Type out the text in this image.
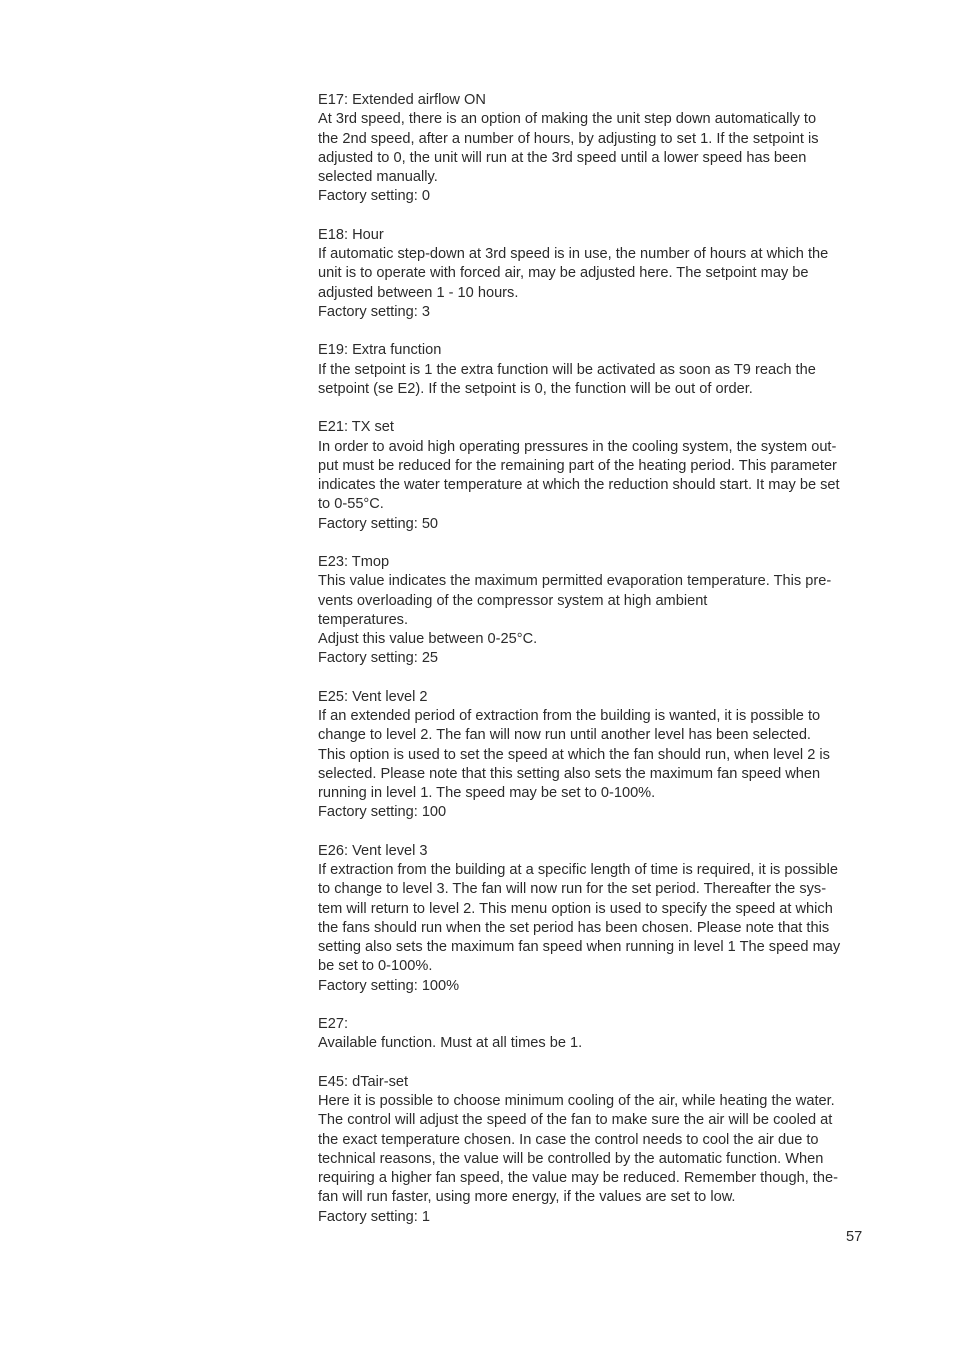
E17: Extended airflow ON
At 3rd speed, there is an option of making the unit step down automatically to
the 2nd speed, after a number of hours, by adjusting to set 1. If the setpoint is
adjusted to 0, the unit will run at the 3rd speed until a lower speed has been
selected manually.
Factory setting: 0
E18: Hour
If automatic step-down at 3rd speed is in use, the number of hours at which the
unit is to operate with forced air, may be adjusted here. The setpoint may be
adjusted between 1 - 10 hours.
Factory setting: 3
E19: Extra function
If the setpoint is 1 the extra function will be activated as soon as T9 reach the
setpoint (se E2). If the setpoint is 0, the function will be out of order.
E21: TX set
In order to avoid high operating pressures in the cooling system, the system out-
put must be reduced for the remaining part of the heating period. This parameter
indicates the water temperature at which the reduction should start. It may be set
to 0-55°C.
Factory setting: 50
E23: Tmop
This value indicates the maximum permitted evaporation temperature. This pre-
vents overloading of the compressor system at high ambient
temperatures.
Adjust this value between 0-25°C.
Factory setting: 25
E25: Vent level 2
If an extended period of extraction from the building is wanted, it is possible to
change to level 2. The fan will now run until another level has been selected.
This option is used to set the speed at which the fan should run, when level 2 is
selected. Please note that this setting also sets the maximum fan speed when
running in level 1. The speed may be set to 0-100%.
Factory setting: 100
E26: Vent level 3
If extraction from the building at a specific length of time is required, it is possible
to change to level 3. The fan will now run for the set period. Thereafter the sys-
tem will return to level 2. This menu option is used to specify the speed at which
the fans should run when the set period has been chosen. Please note that this
setting also sets the maximum fan speed when running in level 1 The speed may
be set to 0-100%.
Factory setting: 100%
E27:
Available function. Must at all times be 1.
E45: dTair-set
Here it is possible to choose minimum cooling of the air, while heating the water.
The control will adjust the speed of the fan to make sure the air will be cooled at
the exact temperature chosen. In case the control needs to cool the air due to
technical reasons, the value will be controlled by the automatic function. When
requiring a higher fan speed, the value may be reduced. Remember though, the-
fan will run faster, using more energy, if the values are set to low.
Factory setting: 1
57
